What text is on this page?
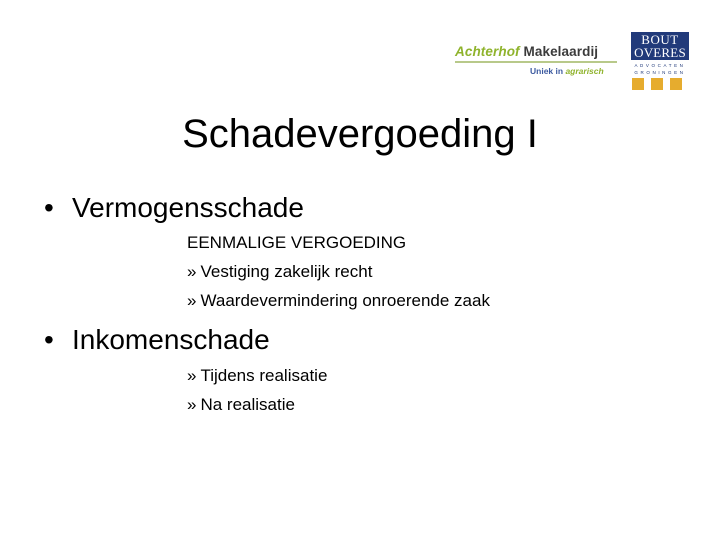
Achterhof Makelaardij
Uniek in agrarisch
BOUT
OVERES
ADVOCATEN
GRONINGEN
Schadevergoeding I
• Vermogensschade
EENMALIGE VERGOEDING
» Vestiging zakelijk recht
» Waardevermindering onroerende zaak
• Inkomenschade
» Tijdens realisatie
» Na realisatie
